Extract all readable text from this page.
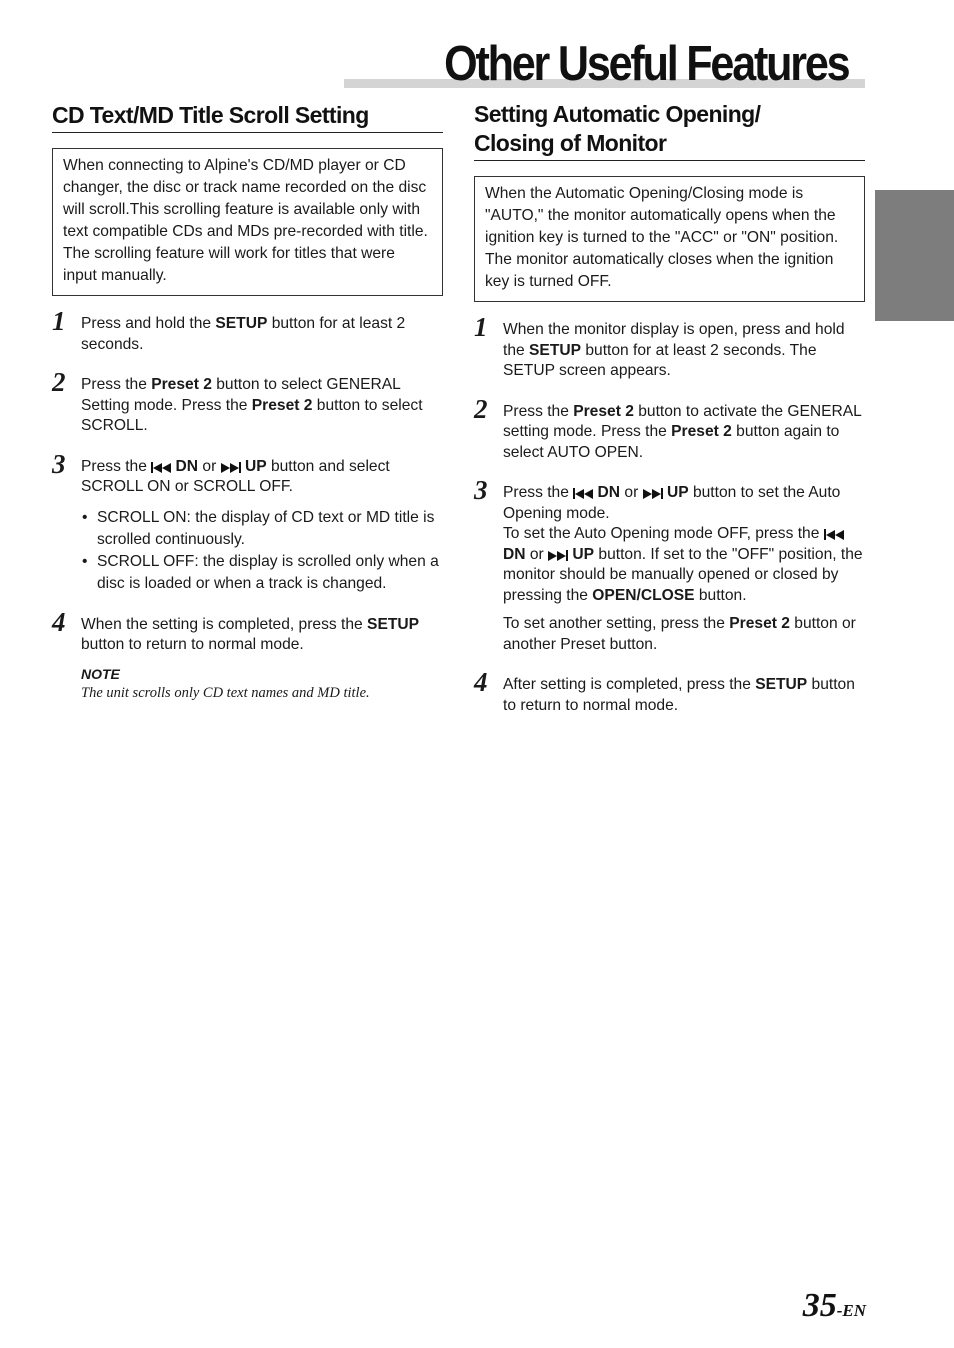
Other Useful Features
CD Text/MD Title Scroll Setting
When connecting to Alpine's CD/MD player or CD changer, the disc or track name recorded on the disc will scroll.This scrolling feature is available only with text compatible CDs and MDs pre-recorded with title. The scrolling feature will work for titles that were input manually.
1 Press and hold the SETUP button for at least 2 seconds.

2 Press the Preset 2 button to select GENERAL Setting mode. Press the Preset 2 button to select SCROLL.

3 Press the  DN or  UP button and select SCROLL ON or SCROLL OFF.

• SCROLL ON: the display of CD text or MD title is scrolled continuously.
• SCROLL OFF: the display is scrolled only when a disc is loaded or when a track is changed.
4 When the setting is completed, press the SETUP button to return to normal mode.

NOTE
The unit scrolls only CD text names and MD title.
Setting Automatic Opening/
Closing of Monitor
When the Automatic Opening/Closing mode is "AUTO," the monitor automatically opens when the ignition key is turned to the "ACC" or "ON" position. The monitor automatically closes when the ignition key is turned OFF.
1 When the monitor display is open, press and hold the SETUP button for at least 2 seconds. The SETUP screen appears.

2 Press the Preset 2 button to activate the GENERAL setting mode. Press the Preset 2 button again to select AUTO OPEN.

3 Press the  DN or  UP button to set the Auto Opening mode.
To set the Auto Opening mode OFF, press the  DN or  UP button. If set to the "OFF" position, the monitor should be manually opened or closed by pressing the OPEN/CLOSE button.

To set another setting, press the Preset 2 button or another Preset button.

4 After setting is completed, press the SETUP button to return to normal mode.

35-EN
